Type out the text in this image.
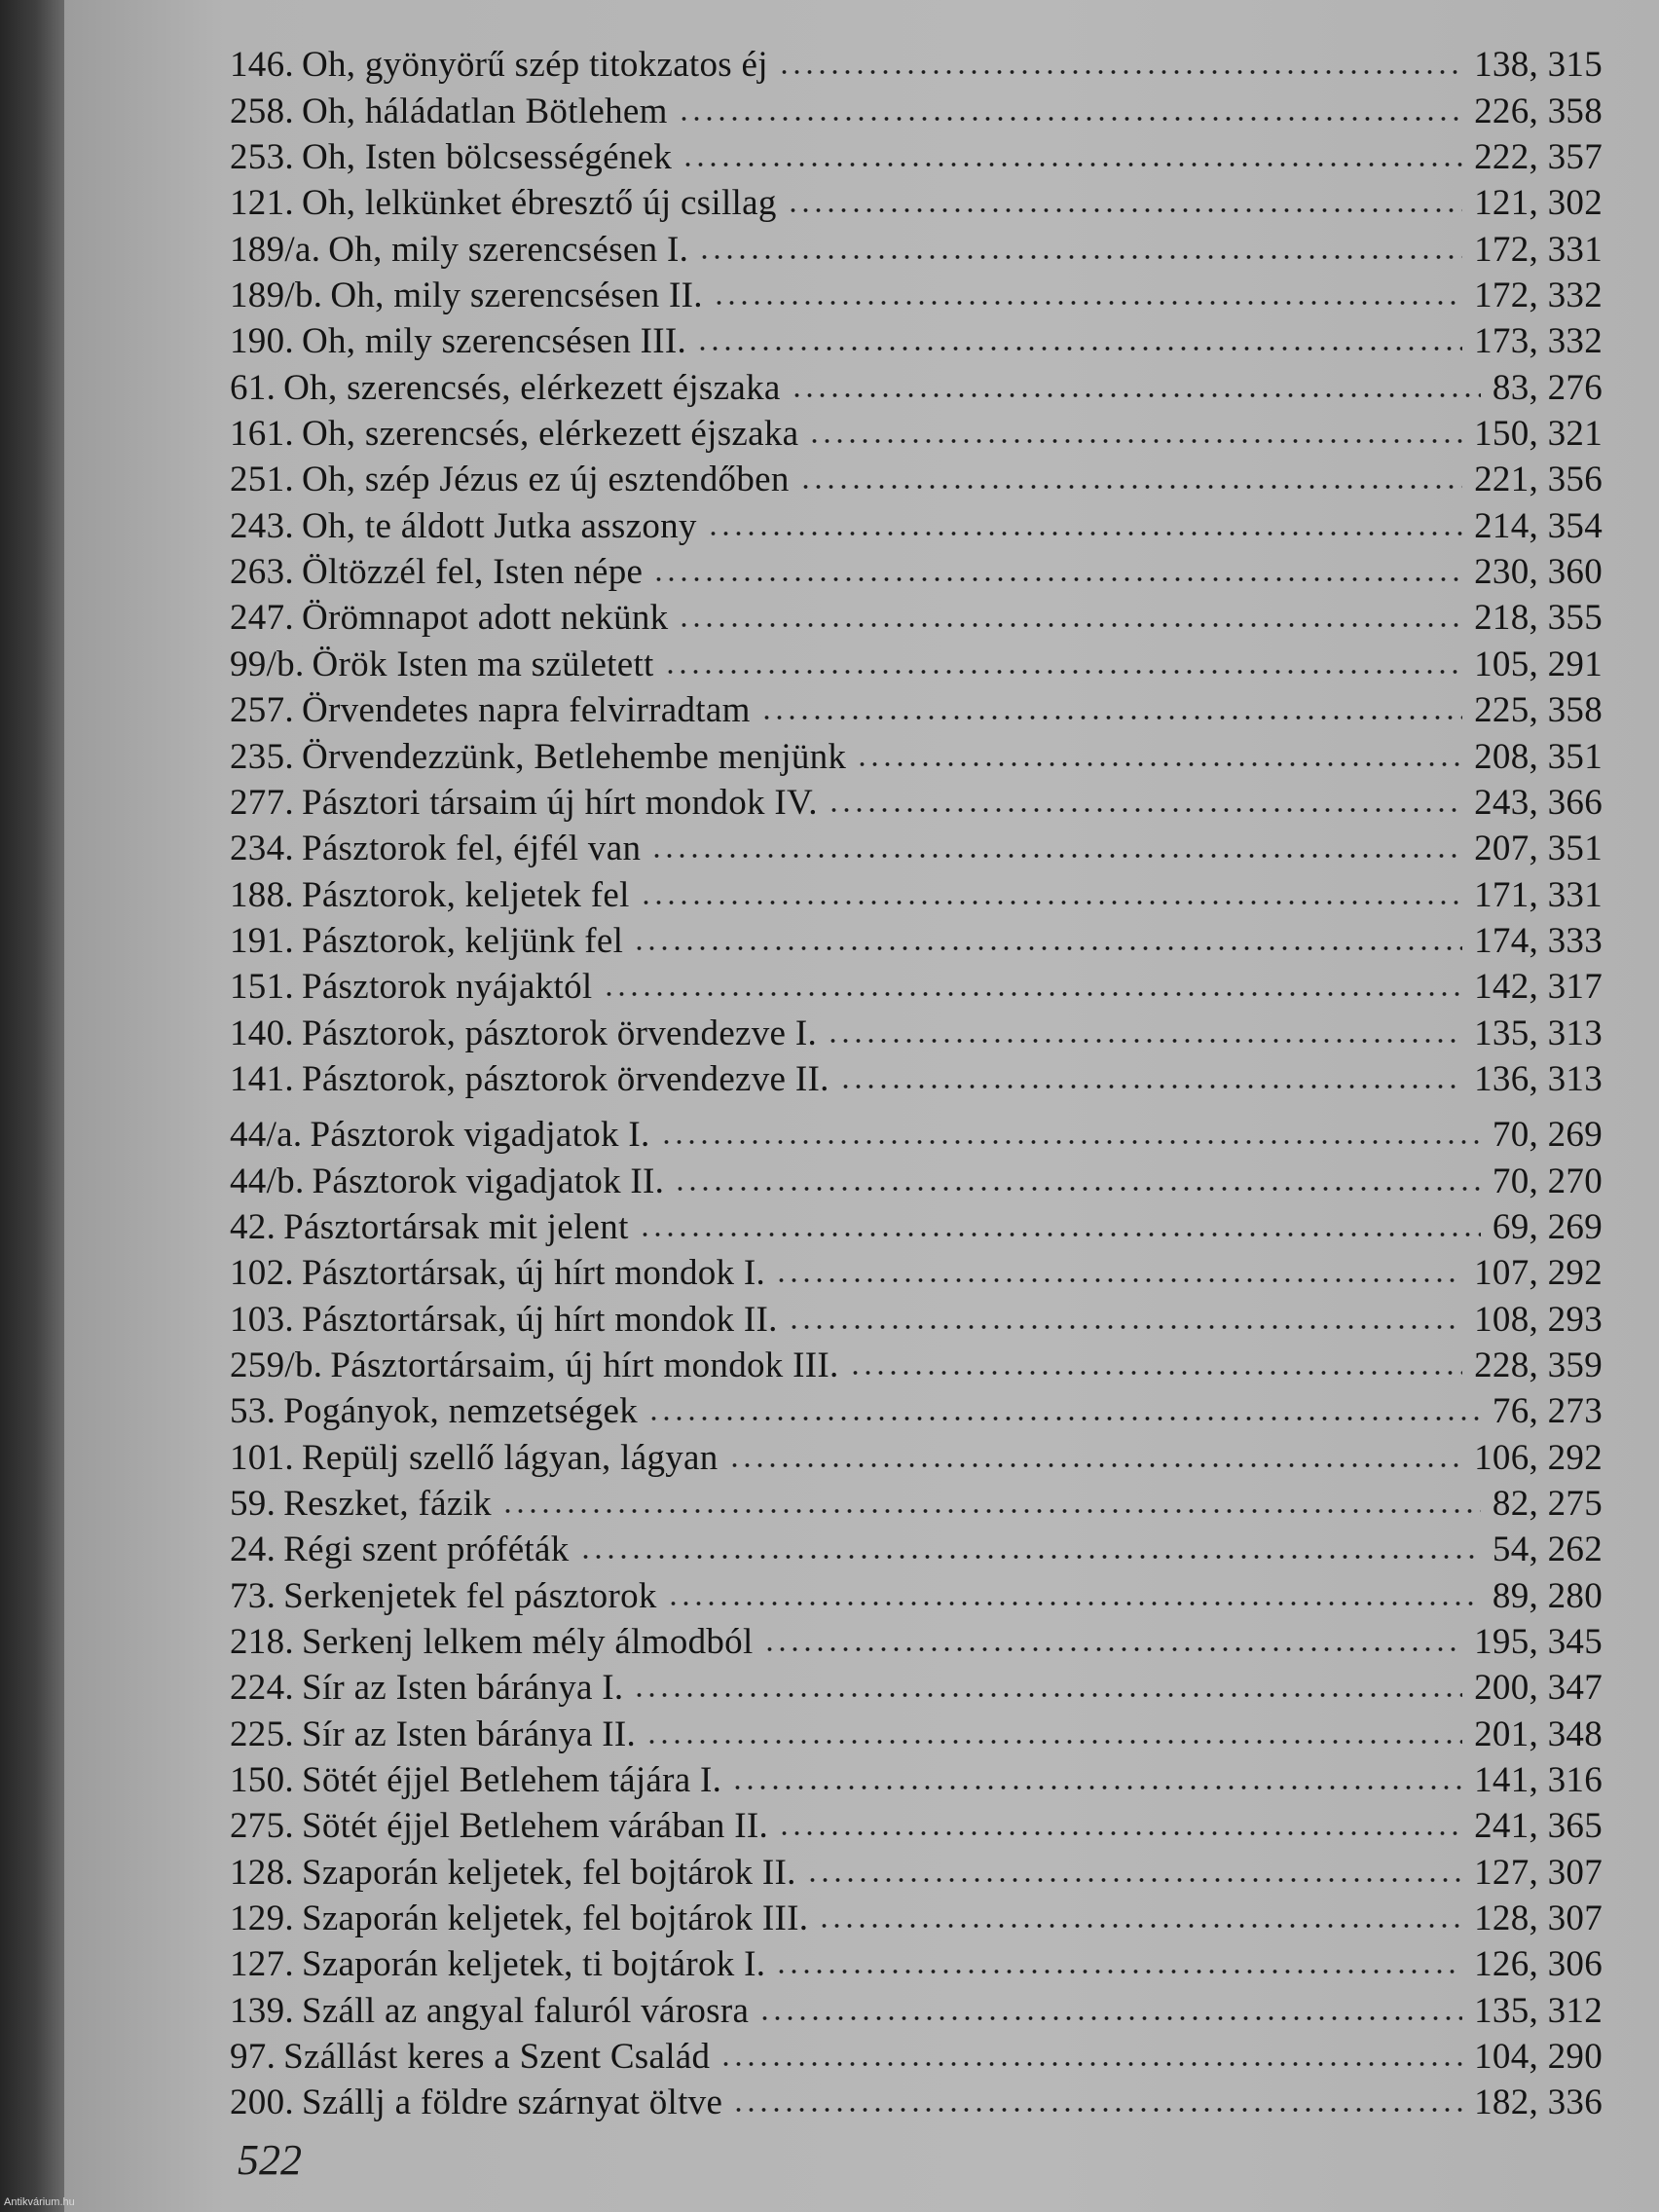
146. Oh, gyönyörű szép titokzatos éj	138, 315
258. Oh, háládatlan Bötlehem	226, 358
253. Oh, Isten bölcsességének	222, 357
121. Oh, lelkünket ébresztő új csillag	121, 302
189/a. Oh, mily szerencsésen I.	172, 331
189/b. Oh, mily szerencsésen II.	172, 332
190. Oh, mily szerencsésen III.	173, 332
61. Oh, szerencsés, elérkezett éjszaka	83, 276
161. Oh, szerencsés, elérkezett éjszaka	150, 321
251. Oh, szép Jézus ez új esztendőben	221, 356
243. Oh, te áldott Jutka asszony	214, 354
263. Öltözzél fel, Isten népe	230, 360
247. Örömnapot adott nekünk	218, 355
99/b. Örök Isten ma született	105, 291
257. Örvendetes napra felvirradtam	225, 358
235. Örvendezzünk, Betlehembe menjünk	208, 351
277. Pásztori társaim új hírt mondok IV.	243, 366
234. Pásztorok fel, éjfél van	207, 351
188. Pásztorok, keljetek fel	171, 331
191. Pásztorok, keljünk fel	174, 333
151. Pásztorok nyájaktól	142, 317
140. Pásztorok, pásztorok örvendezve I.	135, 313
141. Pásztorok, pásztorok örvendezve II.	136, 313
44/a. Pásztorok vigadjatok I.	70, 269
44/b. Pásztorok vigadjatok II.	70, 270
42. Pásztortársak mit jelent	69, 269
102. Pásztortársak, új hírt mondok I.	107, 292
103. Pásztortársak, új hírt mondok II.	108, 293
259/b. Pásztortársaim, új hírt mondok III.	228, 359
53. Pogányok, nemzetségek	76, 273
101. Repülj szellő lágyan, lágyan	106, 292
59. Reszket, fázik	82, 275
24. Régi szent próféták	54, 262
73. Serkenjetek fel pásztorok	89, 280
218. Serkenj lelkem mély álmodból	195, 345
224. Sír az Isten báránya I.	200, 347
225. Sír az Isten báránya II.	201, 348
150. Sötét éjjel Betlehem tájára I.	141, 316
275. Sötét éjjel Betlehem várában II.	241, 365
128. Szaporán keljetek, fel bojtárok II.	127, 307
129. Szaporán keljetek, fel bojtárok III.	128, 307
127. Szaporán keljetek, ti bojtárok I.	126, 306
139. Száll az angyal faluról városra	135, 312
97. Szállást keres a Szent Család	104, 290
200. Szállj a földre szárnyat öltve	182, 336
522
Antikvárium.hu
